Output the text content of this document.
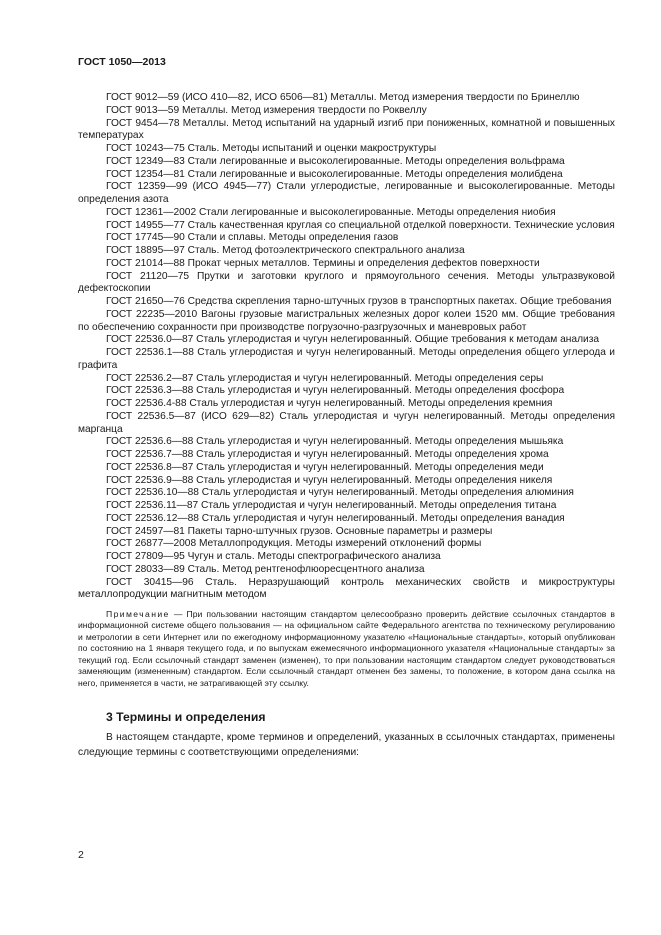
ГОСТ 1050—2013

ГОСТ 9012—59 (ИСО 410—82, ИСО 6506—81) Металлы. Метод измерения твердости по Бринеллю

ГОСТ 9013—59 Металлы. Метод измерения твердости по Роквеллу

ГОСТ 9454—78 Металлы. Метод испытаний на ударный изгиб при пониженных, комнатной и повышенных температурах

ГОСТ 10243—75 Сталь. Методы испытаний и оценки макроструктуры

ГОСТ 12349—83 Стали легированные и высоколегированные. Методы определения вольфрама

ГОСТ 12354—81 Стали легированные и высоколегированные. Методы определения молибдена

ГОСТ 12359—99 (ИСО 4945—77) Стали углеродистые, легированные и высоколегированные. Методы определения азота

ГОСТ 12361—2002 Стали легированные и высоколегированные. Методы определения ниобия

ГОСТ 14955—77 Сталь качественная круглая со специальной отделкой поверхности. Технические условия

ГОСТ 17745—90 Стали и сплавы. Методы определения газов

ГОСТ 18895—97 Сталь. Метод фотоэлектрического спектрального анализа

ГОСТ 21014—88 Прокат черных металлов. Термины и определения дефектов поверхности

ГОСТ 21120—75 Прутки и заготовки круглого и прямоугольного сечения. Методы ультразвуковой дефектоскопии

ГОСТ 21650—76 Средства скрепления тарно-штучных грузов в транспортных пакетах. Общие требования

ГОСТ 22235—2010 Вагоны грузовые магистральных железных дорог колеи 1520 мм. Общие требования по обеспечению сохранности при производстве погрузочно-разгрузочных и маневровых работ

ГОСТ 22536.0—87 Сталь углеродистая и чугун нелегированный. Общие требования к методам анализа

ГОСТ 22536.1—88 Сталь углеродистая и чугун нелегированный. Методы определения общего углерода и графита

ГОСТ 22536.2—87 Сталь углеродистая и чугун нелегированный. Методы определения серы

ГОСТ 22536.3—88 Сталь углеродистая и чугун нелегированный. Методы определения фосфора

ГОСТ 22536.4-88 Сталь углеродистая и чугун нелегированный. Методы определения кремния

ГОСТ 22536.5—87 (ИСО 629—82) Сталь углеродистая и чугун нелегированный. Методы определения марганца

ГОСТ 22536.6—88 Сталь углеродистая и чугун нелегированный. Методы определения мышьяка

ГОСТ 22536.7—88 Сталь углеродистая и чугун нелегированный. Методы определения хрома

ГОСТ 22536.8—87 Сталь углеродистая и чугун нелегированный. Методы определения меди

ГОСТ 22536.9—88 Сталь углеродистая и чугун нелегированный. Методы определения никеля

ГОСТ 22536.10—88 Сталь углеродистая и чугун нелегированный. Методы определения алюминия

ГОСТ 22536.11—87 Сталь углеродистая и чугун нелегированный. Методы определения титана

ГОСТ 22536.12—88 Сталь углеродистая и чугун нелегированный. Методы определения ванадия

ГОСТ 24597—81 Пакеты тарно-штучных грузов. Основные параметры и размеры

ГОСТ 26877—2008 Металлопродукция. Методы измерений отклонений формы

ГОСТ 27809—95 Чугун и сталь. Методы спектрографического анализа

ГОСТ 28033—89 Сталь. Метод рентгенофлюоресцентного анализа

ГОСТ 30415—96 Сталь. Неразрушающий контроль механических свойств и микроструктуры металлопродукции магнитным методом

Примечание — При пользовании настоящим стандартом целесообразно проверить действие ссылочных стандартов в информационной системе общего пользования — на официальном сайте Федерального агентства по техническому регулированию и метрологии в сети Интернет или по ежегодному информационному указателю «Национальные стандарты», который опубликован по состоянию на 1 января текущего года, и по выпускам ежемесячного информационного указателя «Национальные стандарты» за текущий год. Если ссылочный стандарт заменен (изменен), то при пользовании настоящим стандартом следует руководствоваться заменяющим (измененным) стандартом. Если ссылочный стандарт отменен без замены, то положение, в котором дана ссылка на него, применяется в части, не затрагивающей эту ссылку.
3 Термины и определения
В настоящем стандарте, кроме терминов и определений, указанных в ссылочных стандартах, применены следующие термины с соответствующими определениями:
2
